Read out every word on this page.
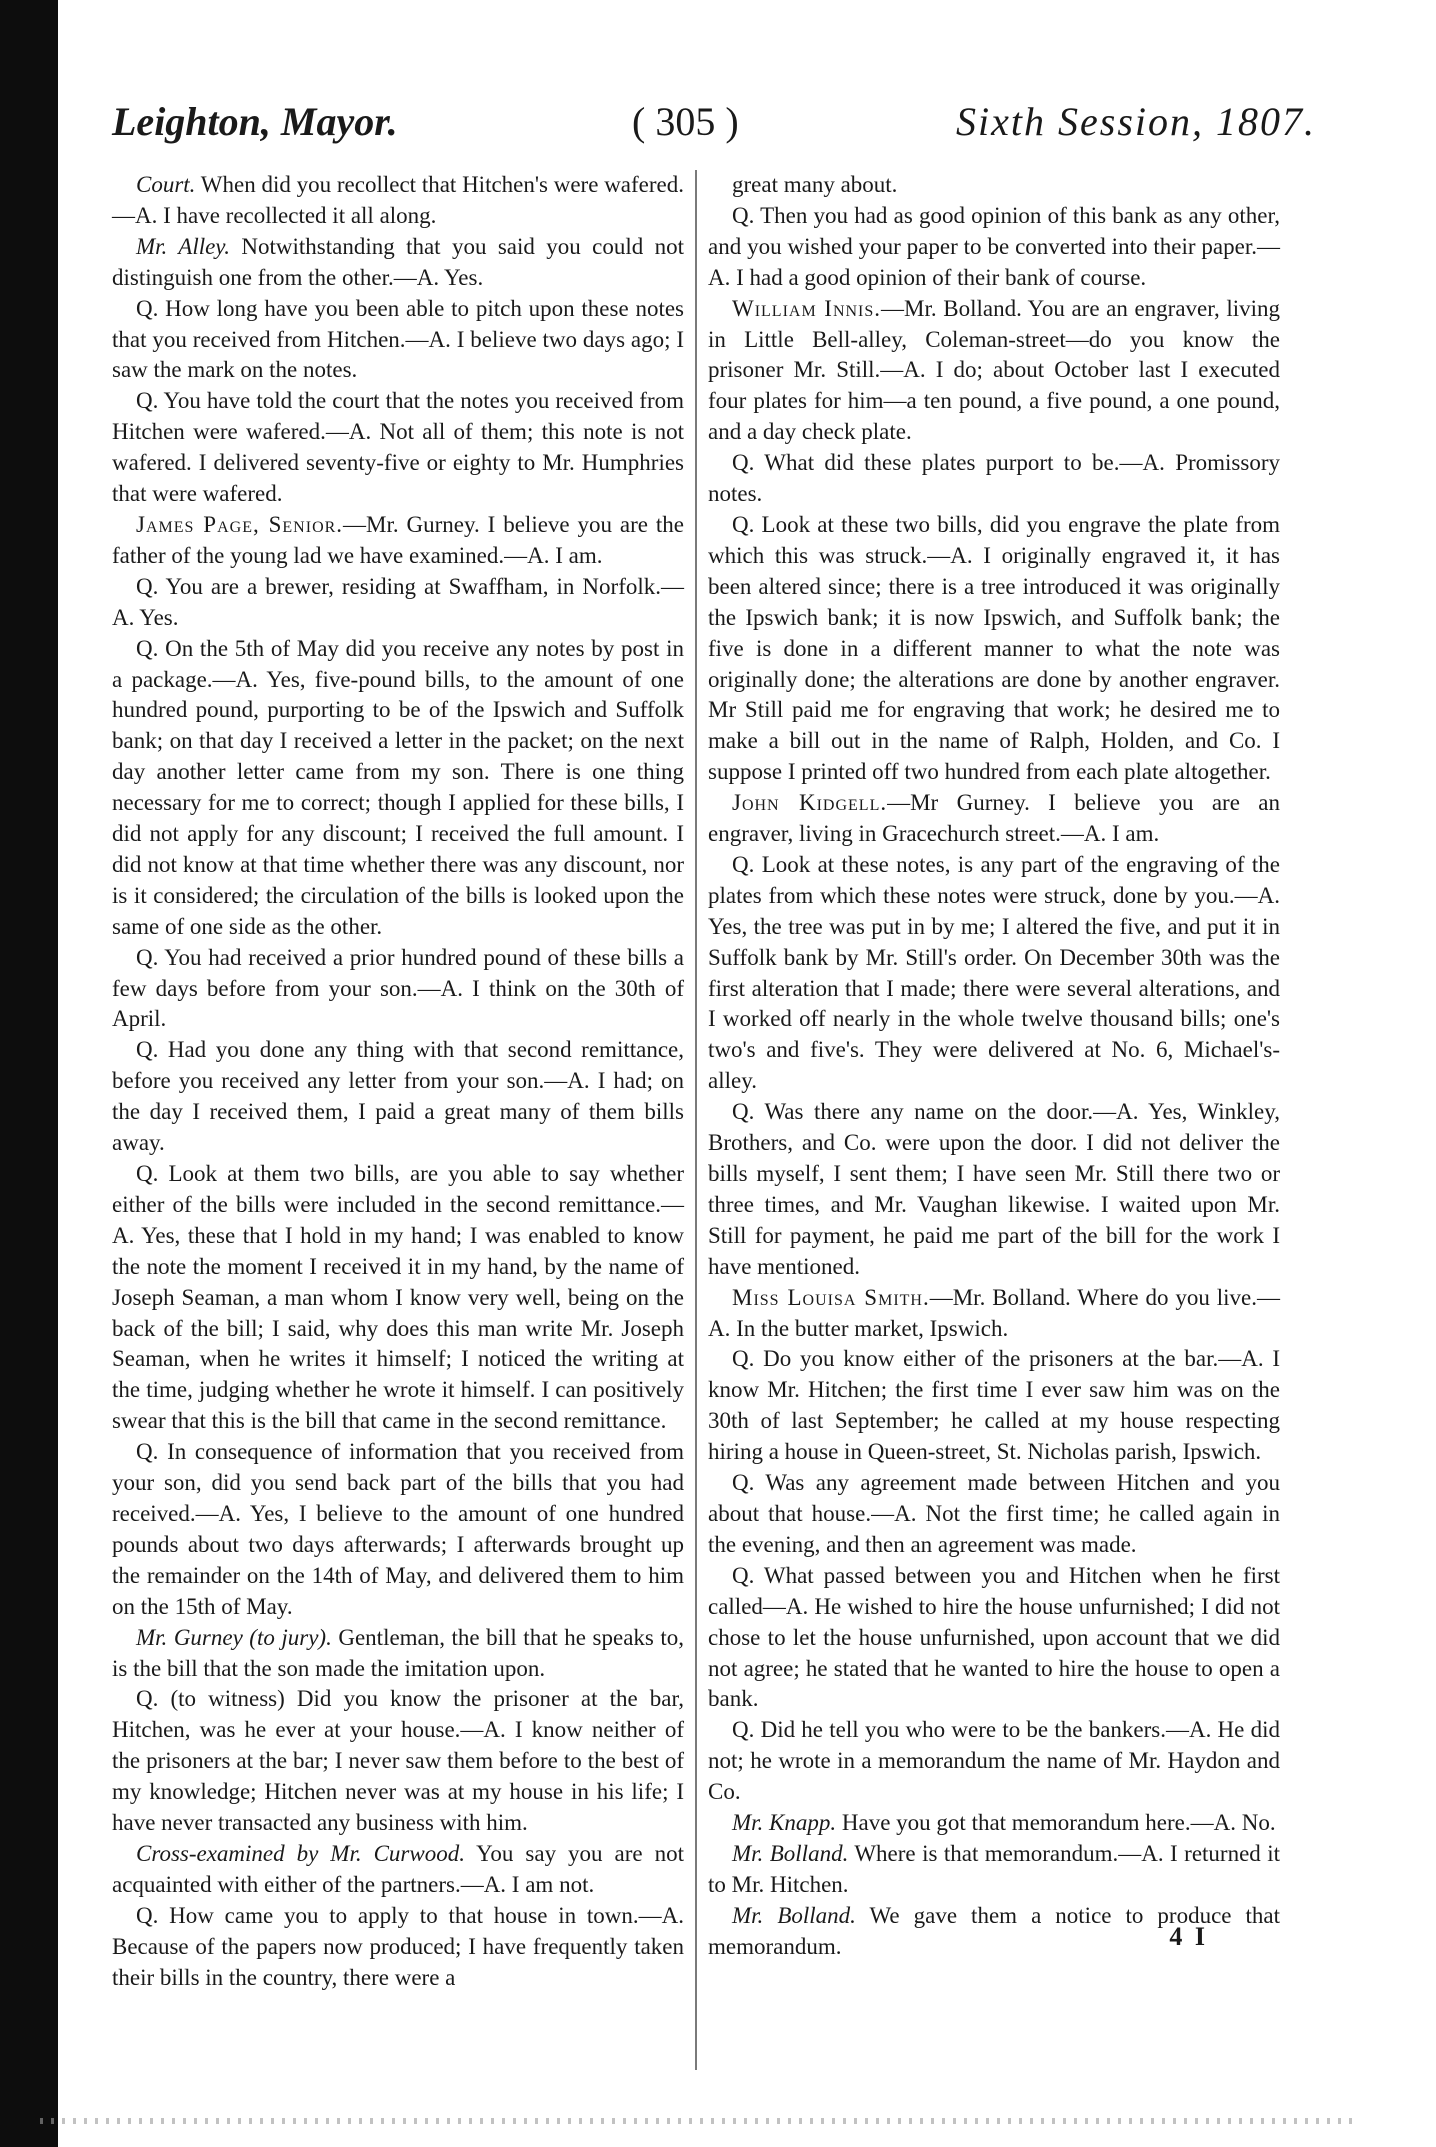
Leighton, Mayor.	( 305 )	Sixth Session, 1807.

Court. When did you recollect that Hitchen's were wafered.—A. I have recollected it all along.

Mr. Alley. Notwithstanding that you said you could not distinguish one from the other.—A. Yes.

Q. How long have you been able to pitch upon these notes that you received from Hitchen.—A. I believe two days ago; I saw the mark on the notes.

Q. You have told the court that the notes you received from Hitchen were wafered.—A. Not all of them; this note is not wafered. I delivered seventy-five or eighty to Mr. Humphries that were wafered.

James Page, Senior.—Mr. Gurney. I believe you are the father of the young lad we have examined.—A. I am.

Q. You are a brewer, residing at Swaffham, in Norfolk.—A. Yes.

Q. On the 5th of May did you receive any notes by post in a package.—A. Yes, five-pound bills, to the amount of one hundred pound, purporting to be of the Ipswich and Suffolk bank; on that day I received a letter in the packet; on the next day another letter came from my son. There is one thing necessary for me to correct; though I applied for these bills, I did not apply for any discount; I received the full amount. I did not know at that time whether there was any discount, nor is it considered; the circulation of the bills is looked upon the same of one side as the other.

Q. You had received a prior hundred pound of these bills a few days before from your son.—A. I think on the 30th of April.

Q. Had you done any thing with that second remittance, before you received any letter from your son.—A. I had; on the day I received them, I paid a great many of them bills away.

Q. Look at them two bills, are you able to say whether either of the bills were included in the second remittance.—A. Yes, these that I hold in my hand; I was enabled to know the note the moment I received it in my hand, by the name of Joseph Seaman, a man whom I know very well, being on the back of the bill; I said, why does this man write Mr. Joseph Seaman, when he writes it himself; I noticed the writing at the time, judging whether he wrote it himself. I can positively swear that this is the bill that came in the second remittance.

Q. In consequence of information that you received from your son, did you send back part of the bills that you had received.—A. Yes, I believe to the amount of one hundred pounds about two days afterwards; I afterwards brought up the remainder on the 14th of May, and delivered them to him on the 15th of May.

Mr. Gurney (to jury). Gentleman, the bill that he speaks to, is the bill that the son made the imitation upon.

Q. (to witness) Did you know the prisoner at the bar, Hitchen, was he ever at your house.—A. I know neither of the prisoners at the bar; I never saw them before to the best of my knowledge; Hitchen never was at my house in his life; I have never transacted any business with him.

Cross-examined by Mr. Curwood. You say you are not acquainted with either of the partners.—A. I am not.

Q. How came you to apply to that house in town.—A. Because of the papers now produced; I have frequently taken their bills in the country, there were a

great many about.

Q. Then you had as good opinion of this bank as any other, and you wished your paper to be converted into their paper.—A. I had a good opinion of their bank of course.

William Innis.—Mr. Bolland. You are an engraver, living in Little Bell-alley, Coleman-street—do you know the prisoner Mr. Still.—A. I do; about October last I executed four plates for him—a ten pound, a five pound, a one pound, and a day check plate.

Q. What did these plates purport to be.—A. Promissory notes.

Q. Look at these two bills, did you engrave the plate from which this was struck.—A. I originally engraved it, it has been altered since; there is a tree introduced it was originally the Ipswich bank; it is now Ipswich, and Suffolk bank; the five is done in a different manner to what the note was originally done; the alterations are done by another engraver. Mr Still paid me for engraving that work; he desired me to make a bill out in the name of Ralph, Holden, and Co. I suppose I printed off two hundred from each plate altogether.

John Kidgell.—Mr Gurney. I believe you are an engraver, living in Gracechurch street.—A. I am.

Q. Look at these notes, is any part of the engraving of the plates from which these notes were struck, done by you.—A. Yes, the tree was put in by me; I altered the five, and put it in Suffolk bank by Mr. Still's order. On December 30th was the first alteration that I made; there were several alterations, and I worked off nearly in the whole twelve thousand bills; one's two's and five's. They were delivered at No. 6, Michael's-alley.

Q. Was there any name on the door.—A. Yes, Winkley, Brothers, and Co. were upon the door. I did not deliver the bills myself, I sent them; I have seen Mr. Still there two or three times, and Mr. Vaughan likewise. I waited upon Mr. Still for payment, he paid me part of the bill for the work I have mentioned.

Miss Louisa Smith.—Mr. Bolland. Where do you live.—A. In the butter market, Ipswich.

Q. Do you know either of the prisoners at the bar.—A. I know Mr. Hitchen; the first time I ever saw him was on the 30th of last September; he called at my house respecting hiring a house in Queen-street, St. Nicholas parish, Ipswich.

Q. Was any agreement made between Hitchen and you about that house.—A. Not the first time; he called again in the evening, and then an agreement was made.

Q. What passed between you and Hitchen when he first called—A. He wished to hire the house unfurnished; I did not chose to let the house unfurnished, upon account that we did not agree; he stated that he wanted to hire the house to open a bank.

Q. Did he tell you who were to be the bankers.—A. He did not; he wrote in a memorandum the name of Mr. Haydon and Co.

Mr. Knapp. Have you got that memorandum here.—A. No.

Mr. Bolland. Where is that memorandum.—A. I returned it to Mr. Hitchen.

Mr. Bolland. We gave them a notice to produce that memorandum.	4 I
